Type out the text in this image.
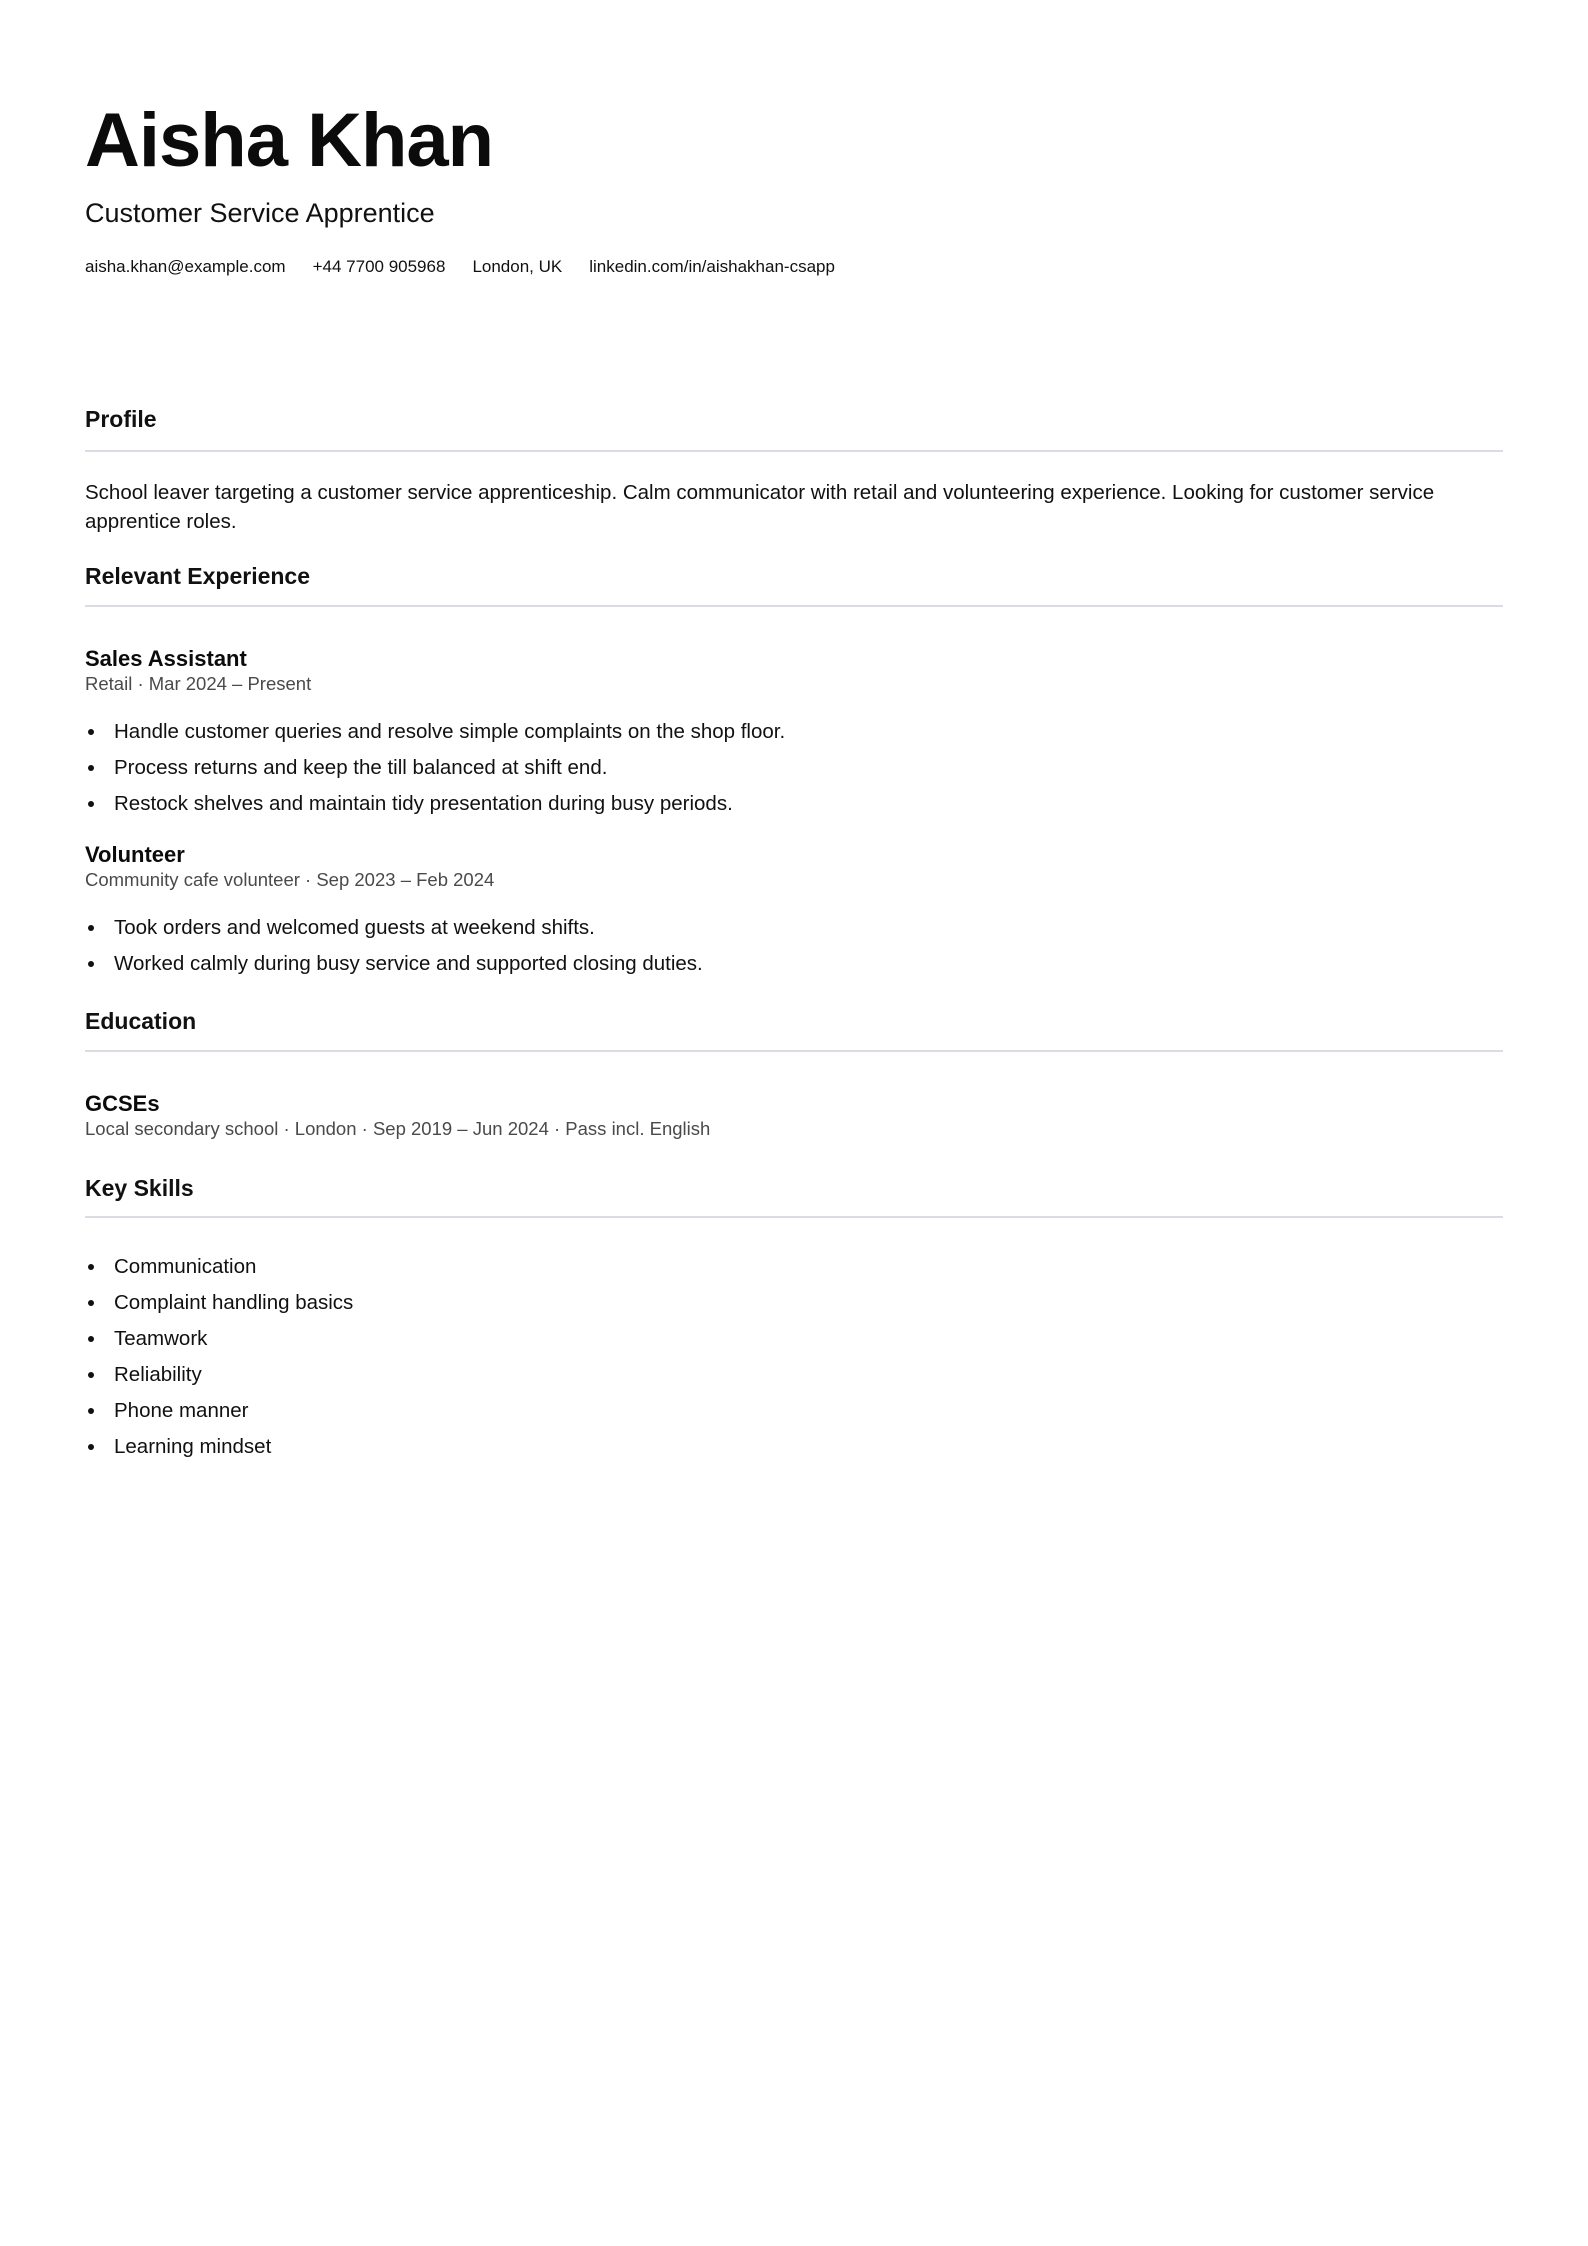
Aisha Khan
Customer Service Apprentice
aisha.khan@example.com +44 7700 905968 London, UK linkedin.com/in/aishakhan-csapp
Profile
School leaver targeting a customer service apprenticeship. Calm communicator with retail and volunteering experience. Looking for customer service apprentice roles.
Relevant Experience
Sales Assistant
Retail · Mar 2024 – Present
Handle customer queries and resolve simple complaints on the shop floor.
Process returns and keep the till balanced at shift end.
Restock shelves and maintain tidy presentation during busy periods.
Volunteer
Community cafe volunteer · Sep 2023 – Feb 2024
Took orders and welcomed guests at weekend shifts.
Worked calmly during busy service and supported closing duties.
Education
GCSEs
Local secondary school · London · Sep 2019 – Jun 2024 · Pass incl. English
Key Skills
Communication
Complaint handling basics
Teamwork
Reliability
Phone manner
Learning mindset
